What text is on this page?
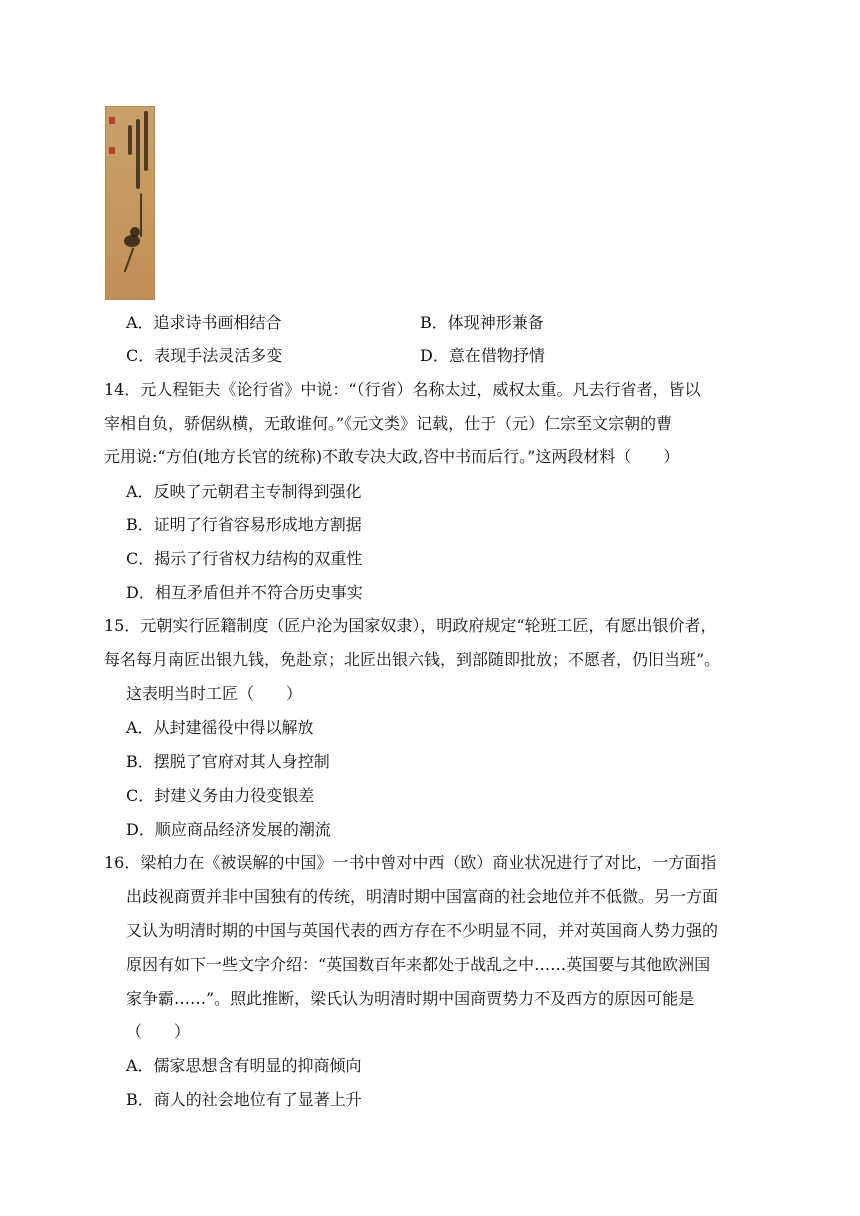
A．追求诗书画相结合	B．体现神形兼备
C．表现手法灵活多变	D．意在借物抒情
14．元人程钜夫《论行省》中说：“（行省）名称太过，威权太重。凡去行省者，皆以
宰相自负，骄倨纵横，无敢谁何。”《元文类》记载，仕于（元）仁宗至文宗朝的曹
元用说:“方伯(地方长官的统称)不敢专决大政,咨中书而后行。”这两段材料（　　）
A．反映了元朝君主专制得到强化
B．证明了行省容易形成地方割据
C．揭示了行省权力结构的双重性
D．相互矛盾但并不符合历史事实
15．元朝实行匠籍制度（匠户沦为国家奴隶），明政府规定“轮班工匠，有愿出银价者，
每名每月南匠出银九钱，免赴京；北匠出银六钱，到部随即批放；不愿者，仍旧当班”。
这表明当时工匠（　　）
A．从封建徭役中得以解放
B．摆脱了官府对其人身控制
C．封建义务由力役变银差
D．顺应商品经济发展的潮流
16．梁柏力在《被误解的中国》一书中曾对中西（欧）商业状况进行了对比，一方面指
出歧视商贾并非中国独有的传统，明清时期中国富商的社会地位并不低微。另一方面
又认为明清时期的中国与英国代表的西方存在不少明显不同，并对英国商人势力强的
原因有如下一些文字介绍：“英国数百年来都处于战乱之中……英国要与其他欧洲国
家争霸……”。照此推断，梁氏认为明清时期中国商贾势力不及西方的原因可能是
（　　）
A．儒家思想含有明显的抑商倾向
B．商人的社会地位有了显著上升
